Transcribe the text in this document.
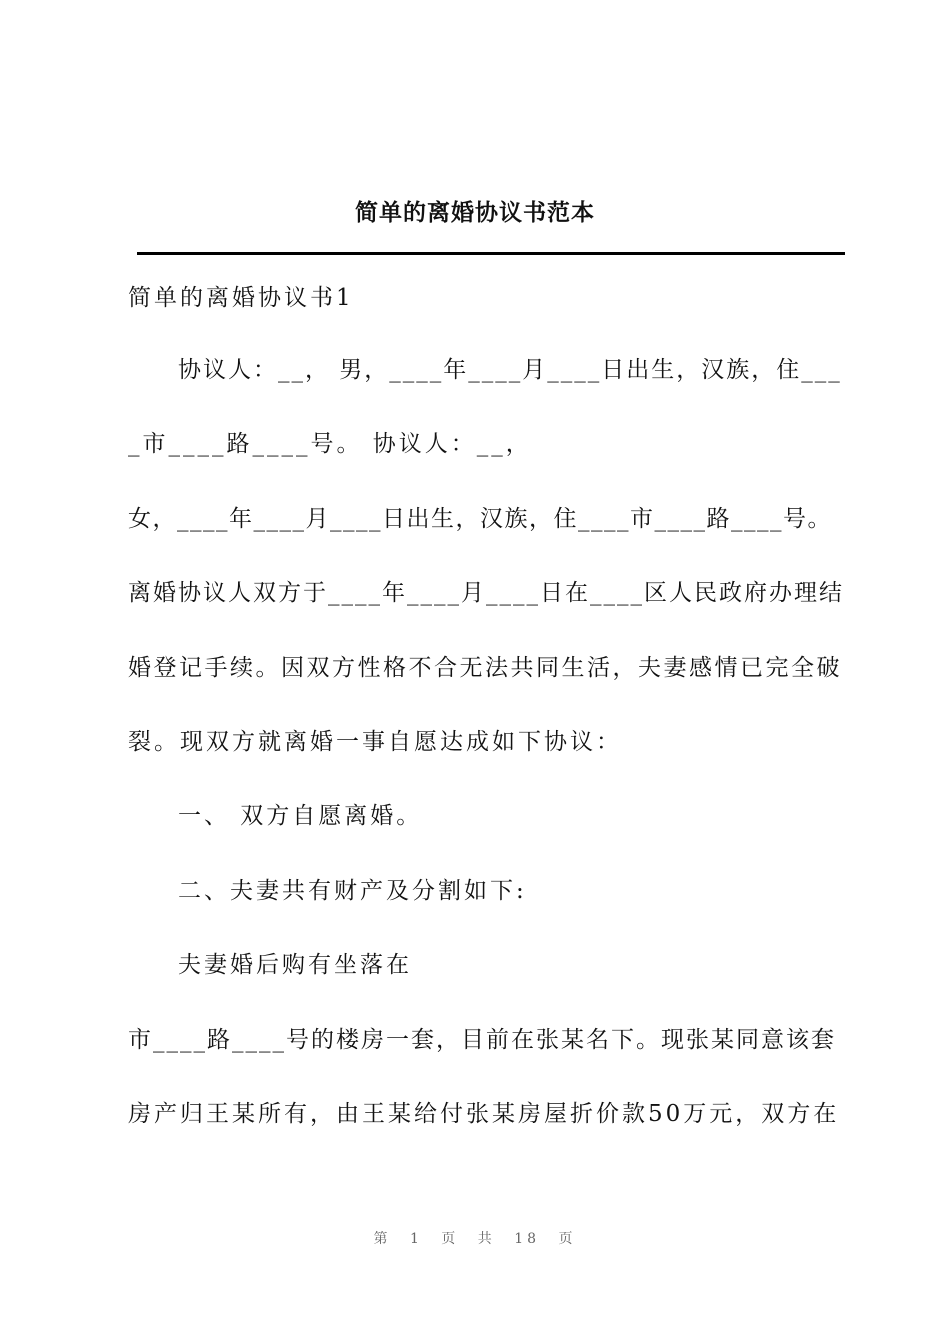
简单的离婚协议书范本
简单的离婚协议书1
协议人：__， 男，____年____月____日出生，汉族，住___
_市____路____号。 协议人：__，
女，____年____月____日出生，汉族，住____市____路____号。
离婚协议人双方于____年____月____日在____区人民政府办理结
婚登记手续。因双方性格不合无法共同生活，夫妻感情已完全破
裂。现双方就离婚一事自愿达成如下协议：
一、 双方自愿离婚。
二、夫妻共有财产及分割如下:
夫妻婚后购有坐落在
市____路____号的楼房一套，目前在张某名下。现张某同意该套
房产归王某所有，由王某给付张某房屋折价款50万元，双方在
第 1 页 共 18 页
